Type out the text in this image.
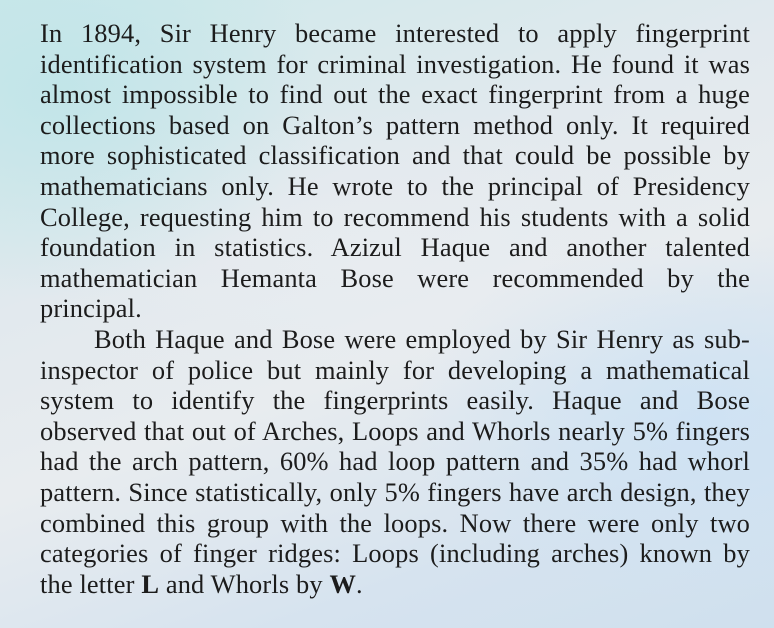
In 1894, Sir Henry became interested to apply fingerprint identification system for criminal investigation. He found it was almost impossible to find out the exact fingerprint from a huge collections based on Galton’s pattern method only. It required more sophisticated classification and that could be possible by mathematicians only. He wrote to the principal of Presidency College, requesting him to recommend his students with a solid foundation in statistics. Azizul Haque and another talented mathematician Hemanta Bose were recommended by the principal.

Both Haque and Bose were employed by Sir Henry as sub-inspector of police but mainly for developing a mathematical system to identify the fingerprints easily. Haque and Bose observed that out of Arches, Loops and Whorls nearly 5% fingers had the arch pattern, 60% had loop pattern and 35% had whorl pattern. Since statistically, only 5% fingers have arch design, they combined this group with the loops. Now there were only two categories of finger ridges: Loops (including arches) known by the letter L and Whorls by W.
